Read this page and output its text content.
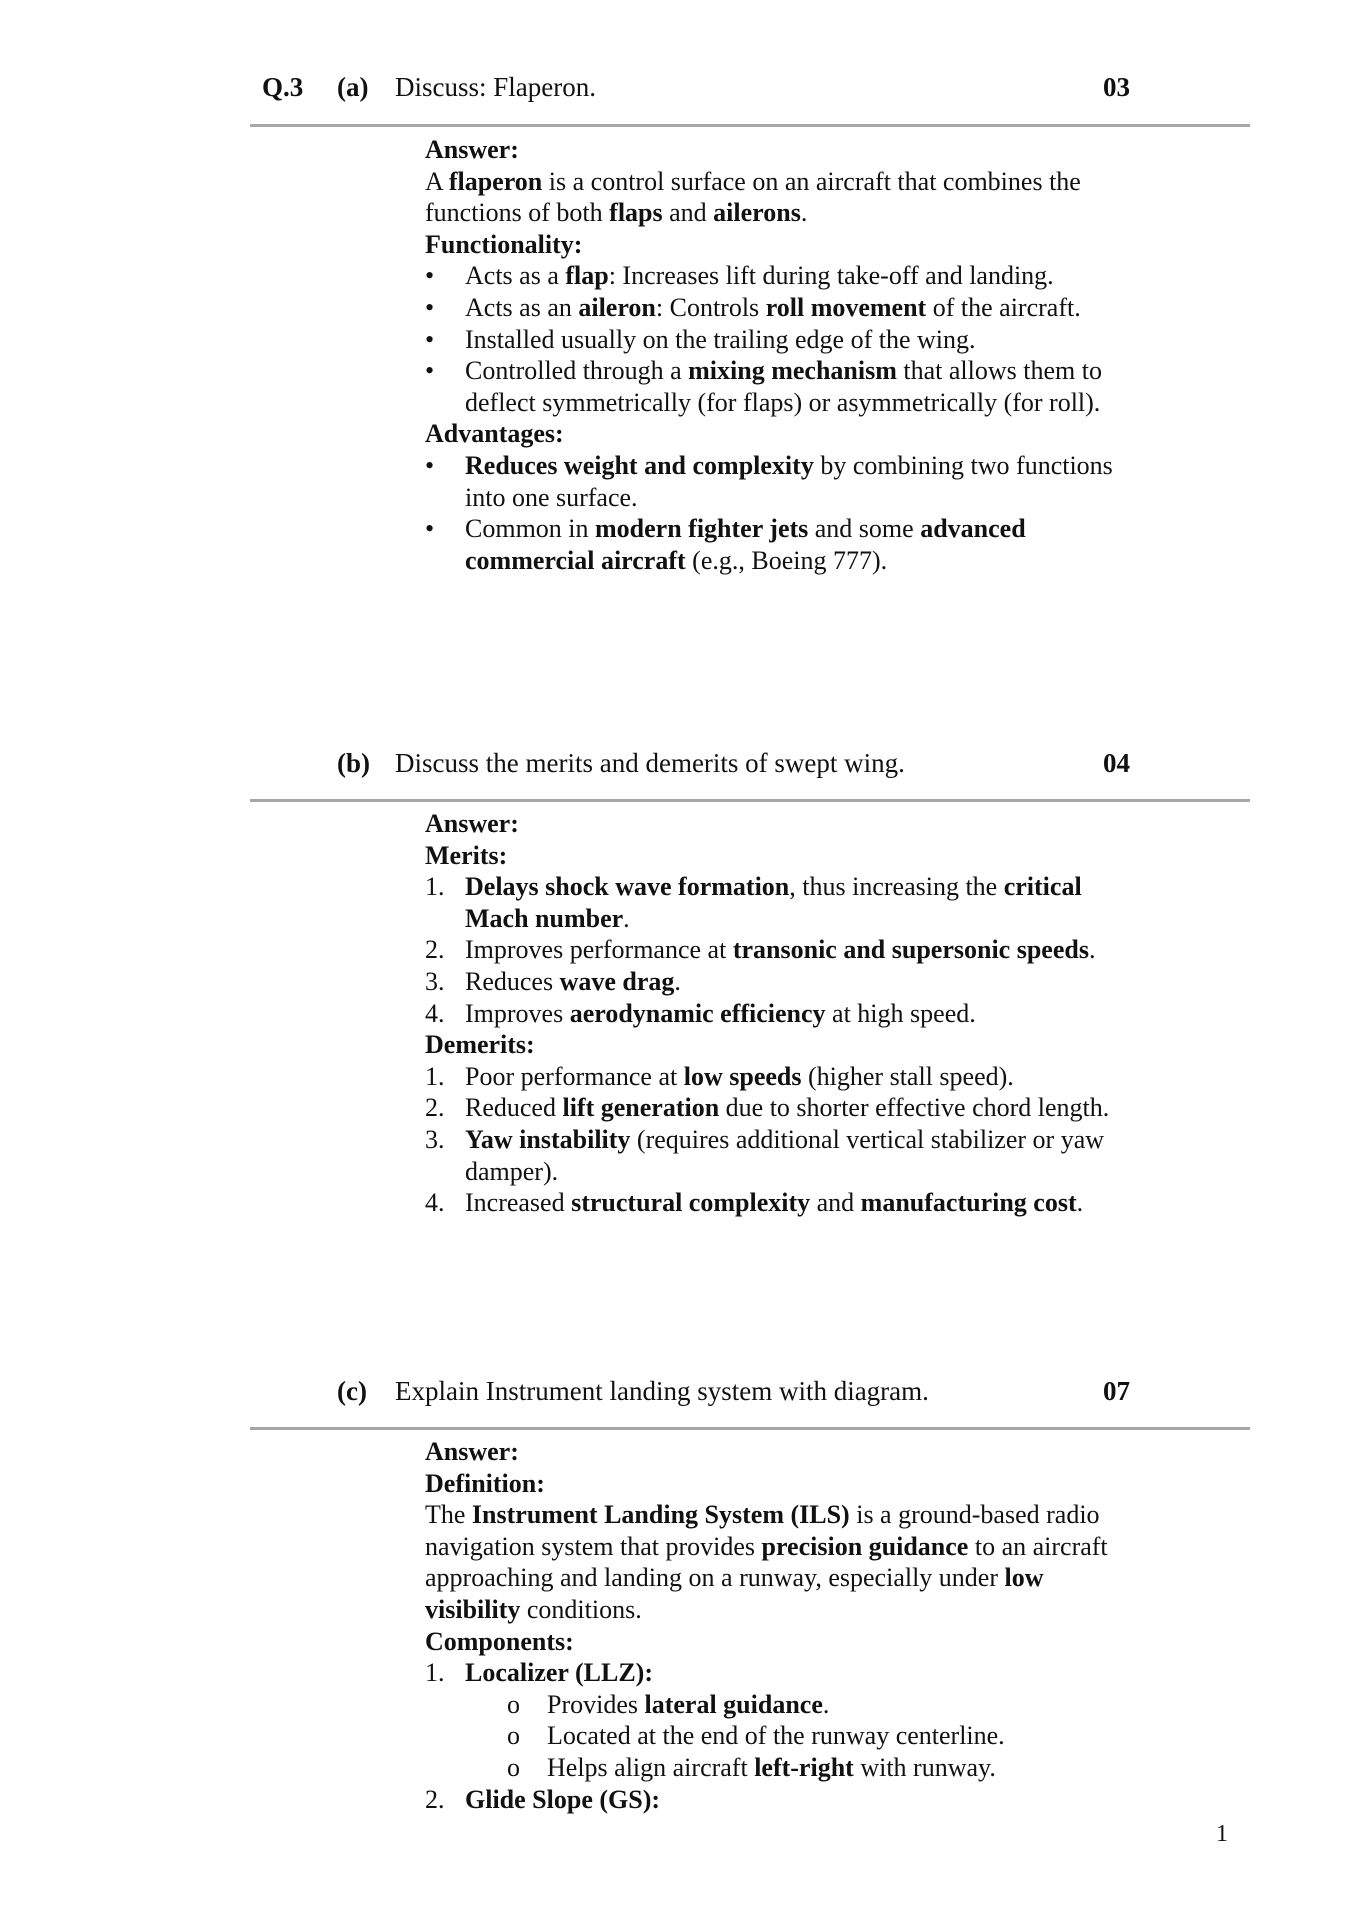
Q.3 (a) Discuss: Flaperon.	03

Answer:

A flaperon is a control surface on an aircraft that combines the functions of both flaps and ailerons.

Functionality:

• Acts as a flap: Increases lift during take-off and landing.
• Acts as an aileron: Controls roll movement of the aircraft.
• Installed usually on the trailing edge of the wing.
• Controlled through a mixing mechanism that allows them to deflect symmetrically (for flaps) or asymmetrically (for roll).

Advantages:

• Reduces weight and complexity by combining two functions into one surface.
• Common in modern fighter jets and some advanced commercial aircraft (e.g., Boeing 777).
(b) Discuss the merits and demerits of swept wing.	04

Answer:

Merits:

1. Delays shock wave formation, thus increasing the critical Mach number.
2. Improves performance at transonic and supersonic speeds.
3. Reduces wave drag.
4. Improves aerodynamic efficiency at high speed.

Demerits:

1. Poor performance at low speeds (higher stall speed).
2. Reduced lift generation due to shorter effective chord length.
3. Yaw instability (requires additional vertical stabilizer or yaw damper).
4. Increased structural complexity and manufacturing cost.
(c) Explain Instrument landing system with diagram.	07

Answer:

Definition:

The Instrument Landing System (ILS) is a ground-based radio navigation system that provides precision guidance to an aircraft approaching and landing on a runway, especially under low visibility conditions.

Components:

1. Localizer (LLZ):
o Provides lateral guidance.
o Located at the end of the runway centerline.
o Helps align aircraft left-right with runway.
2. Glide Slope (GS):
1
